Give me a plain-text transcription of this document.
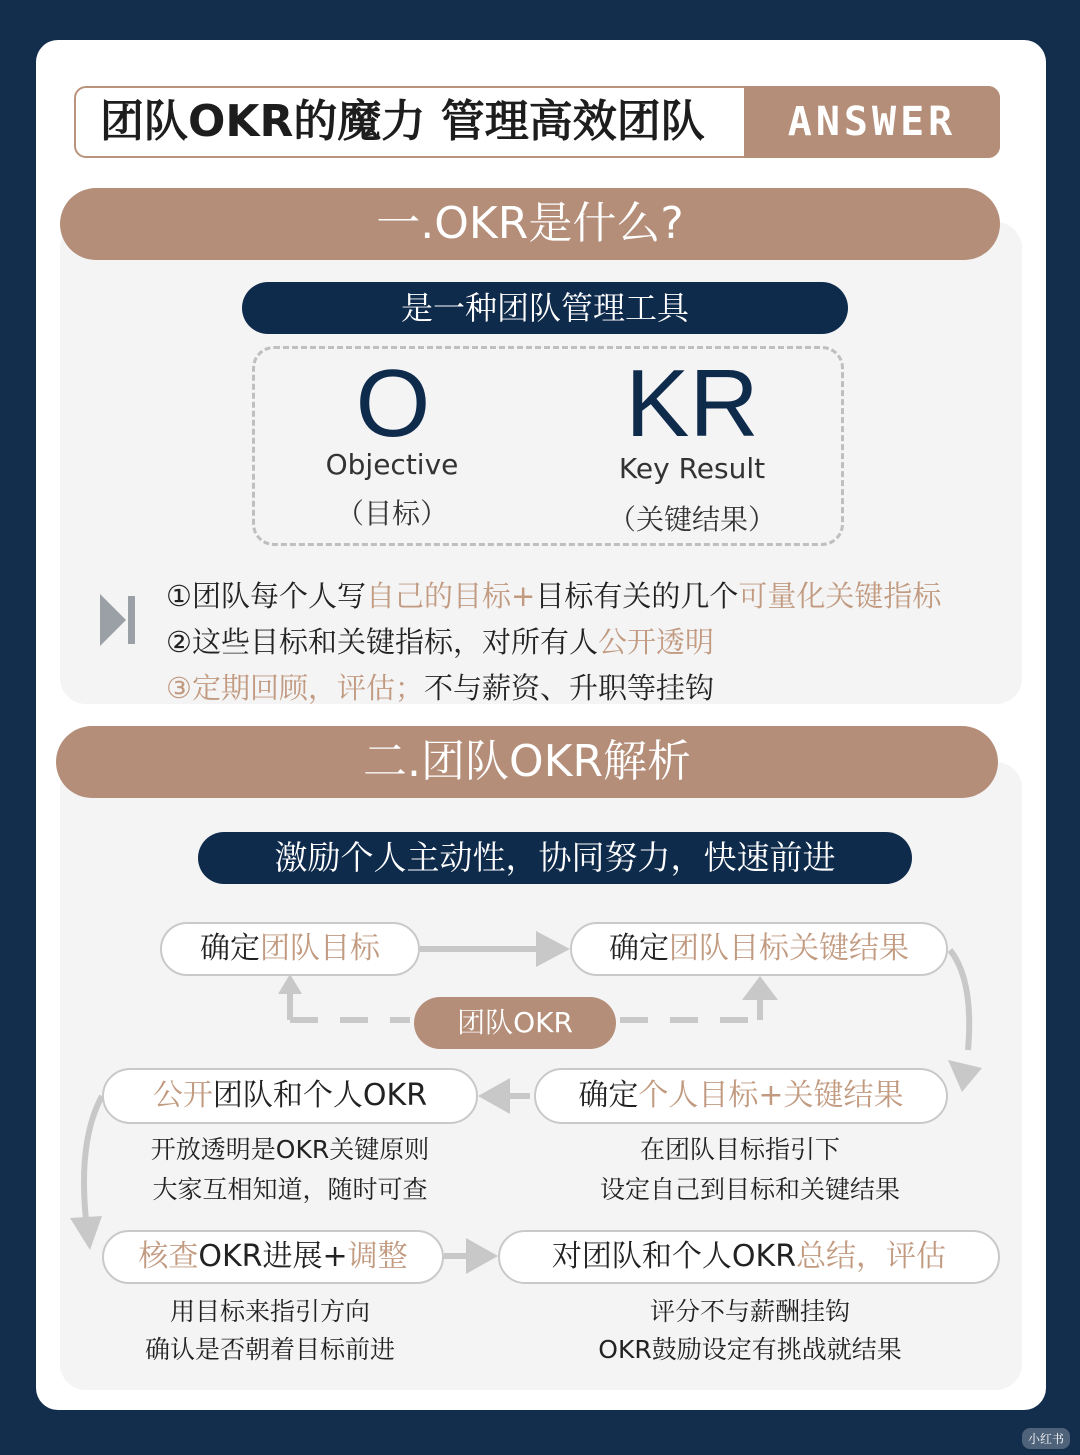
团队OKR的魔力 管理高效团队	ANSWER
一.OKR是什么?
是一种团队管理工具
O
Objective
（目标）
KR
Key Result
（关键结果）
①团队每个人写自己的目标+目标有关的几个可量化关键指标
②这些目标和关键指标，对所有人公开透明
③定期回顾，评估；不与薪资、升职等挂钩
二.团队OKR解析
激励个人主动性，协同努力，快速前进
确定团队目标	确定团队目标关键结果
团队OKR
确定个人目标+关键结果
公开团队和个人OKR
在团队目标指引下
设定自己到目标和关键结果
开放透明是OKR关键原则
大家互相知道，随时可查
核查OKR进展+调整	对团队和个人OKR总结，评估
用目标来指引方向
确认是否朝着目标前进
评分不与薪酬挂钩
OKR鼓励设定有挑战就结果
小红书
